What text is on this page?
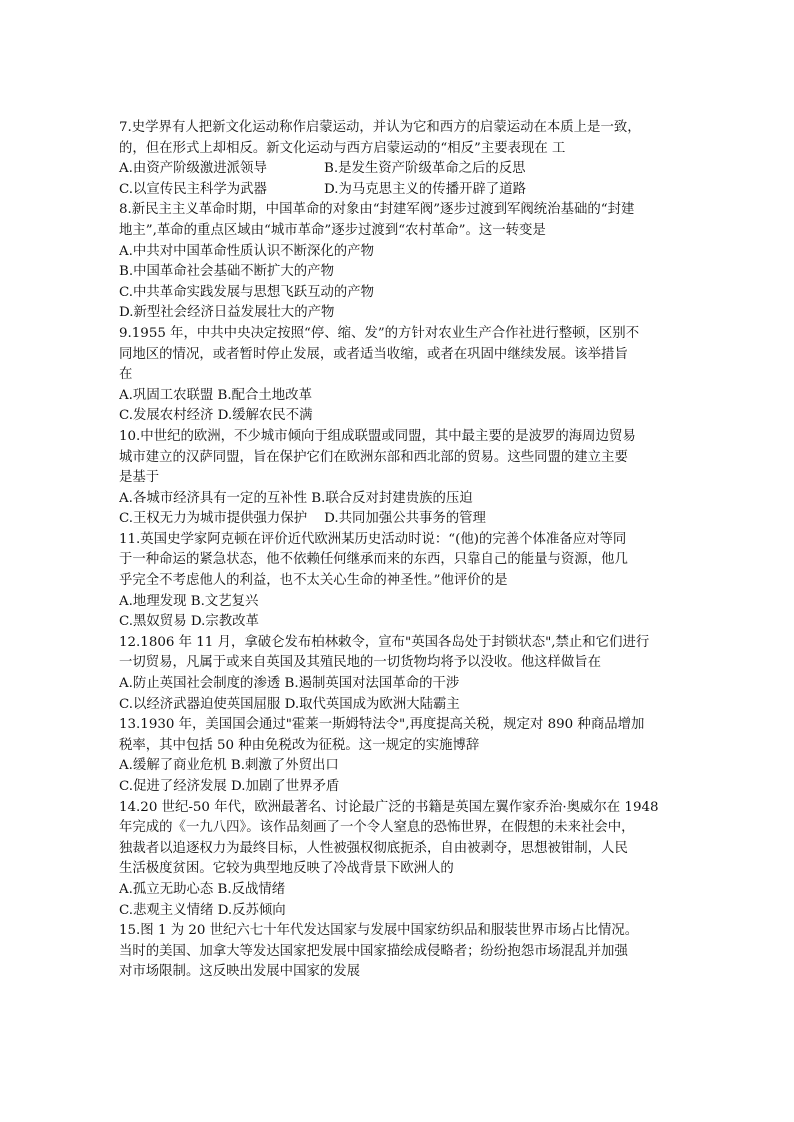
7.史学界有人把新文化运动称作启蒙运动，并认为它和西方的启蒙运动在本质上是一致，
的，但在形式上却相反。新文化运动与西方启蒙运动的“相反”主要表现在 工
A.由资产阶级激进派领导	B.是发生资产阶级革命之后的反思
C.以宣传民主科学为武器	D.为马克思主义的传播开辟了道路
8.新民主主义革命时期，中国革命的对象由“封建军阀”逐步过渡到军阀统治基础的“封建
地主”,革命的重点区域由“城市革命”逐步过渡到“农村革命”。这一转变是
A.中共对中国革命性质认识不断深化的产物
B.中国革命社会基础不断扩大的产物
C.中共革命实践发展与思想飞跃互动的产物
D.新型社会经济日益发展壮大的产物
9.1955 年，中共中央决定按照“停、缩、发”的方针对农业生产合作社进行整顿，区别不
同地区的情况，或者暂时停止发展，或者适当收缩，或者在巩固中继续发展。该举措旨
在
A.巩固工农联盟 B.配合土地改革
C.发展农村经济 D.缓解农民不满
10.中世纪的欧洲，不少城市倾向于组成联盟或同盟，其中最主要的是波罗的海周边贸易
城市建立的汉萨同盟，旨在保护它们在欧洲东部和西北部的贸易。这些同盟的建立主要
是基于
A.各城市经济具有一定的互补性 B.联合反对封建贵族的压迫
C.王权无力为城市提供强力保护    D.共同加强公共事务的管理
11.英国史学家阿克顿在评价近代欧洲某历史活动时说：“(他)的完善个体准备应对等同
于一种命运的紧急状态，他不依赖任何继承而来的东西，只靠自己的能量与资源，他几
乎完全不考虑他人的利益，也不太关心生命的神圣性。”他评价的是
A.地理发现 B.文艺复兴
C.黑奴贸易 D.宗教改革
12.1806 年 11 月，拿破仑发布柏林敕令，宣布"英国各岛处于封锁状态",禁止和它们进行
一切贸易，凡属于或来自英国及其殖民地的一切货物均将予以没收。他这样做旨在
A.防止英国社会制度的渗透 B.遏制英国对法国革命的干涉
C.以经济武器迫使英国屈服 D.取代英国成为欧洲大陆霸主
13.1930 年，美国国会通过"霍莱一斯姆特法令",再度提高关税，规定对 890 种商品增加
税率，其中包括 50 种由免税改为征税。这一规定的实施博辞
A.缓解了商业危机 B.刺激了外贸出口
C.促进了经济发展 D.加剧了世界矛盾
14.20 世纪-50 年代，欧洲最著名、讨论最广泛的书籍是英国左翼作家乔治·奥威尔在 1948
年完成的《一九八四》。该作品刻画了一个令人窒息的恐怖世界，在假想的未来社会中，
独裁者以追逐权力为最终目标，人性被强权彻底扼杀，自由被剥夺，思想被钳制，人民
生活极度贫困。它较为典型地反映了冷战背景下欧洲人的
A.孤立无助心态 B.反战情绪
C.悲观主义情绪 D.反苏倾向
15.图 1 为 20 世纪六七十年代发达国家与发展中国家纺织品和服装世界市场占比情况。
当时的美国、加拿大等发达国家把发展中国家描绘成侵略者；纷纷抱怨市场混乱并加强
对市场限制。这反映出发展中国家的发展
